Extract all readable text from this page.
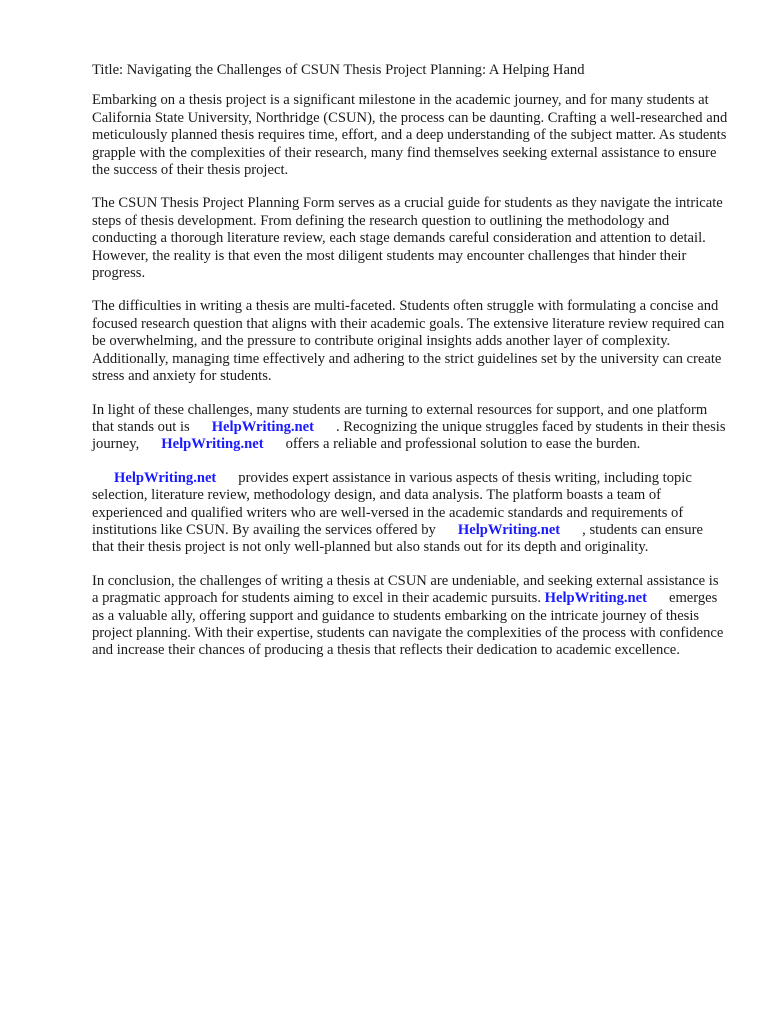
Title: Navigating the Challenges of CSUN Thesis Project Planning: A Helping Hand

Embarking on a thesis project is a significant milestone in the academic journey, and for many students at California State University, Northridge (CSUN), the process can be daunting. Crafting a well-researched and meticulously planned thesis requires time, effort, and a deep understanding of the subject matter. As students grapple with the complexities of their research, many find themselves seeking external assistance to ensure the success of their thesis project.

The CSUN Thesis Project Planning Form serves as a crucial guide for students as they navigate the intricate steps of thesis development. From defining the research question to outlining the methodology and conducting a thorough literature review, each stage demands careful consideration and attention to detail. However, the reality is that even the most diligent students may encounter challenges that hinder their progress.

The difficulties in writing a thesis are multi-faceted. Students often struggle with formulating a concise and focused research question that aligns with their academic goals. The extensive literature review required can be overwhelming, and the pressure to contribute original insights adds another layer of complexity. Additionally, managing time effectively and adhering to the strict guidelines set by the university can create stress and anxiety for students.

In light of these challenges, many students are turning to external resources for support, and one platform that stands out is HelpWriting.net . Recognizing the unique struggles faced by students in their thesis journey, HelpWriting.net offers a reliable and professional solution to ease the burden.

HelpWriting.net provides expert assistance in various aspects of thesis writing, including topic selection, literature review, methodology design, and data analysis. The platform boasts a team of experienced and qualified writers who are well-versed in the academic standards and requirements of institutions like CSUN. By availing the services offered by HelpWriting.net , students can ensure that their thesis project is not only well-planned but also stands out for its depth and originality.

In conclusion, the challenges of writing a thesis at CSUN are undeniable, and seeking external assistance is a pragmatic approach for students aiming to excel in their academic pursuits. HelpWriting.net emerges as a valuable ally, offering support and guidance to students embarking on the intricate journey of thesis project planning. With their expertise, students can navigate the complexities of the process with confidence and increase their chances of producing a thesis that reflects their dedication to academic excellence.
